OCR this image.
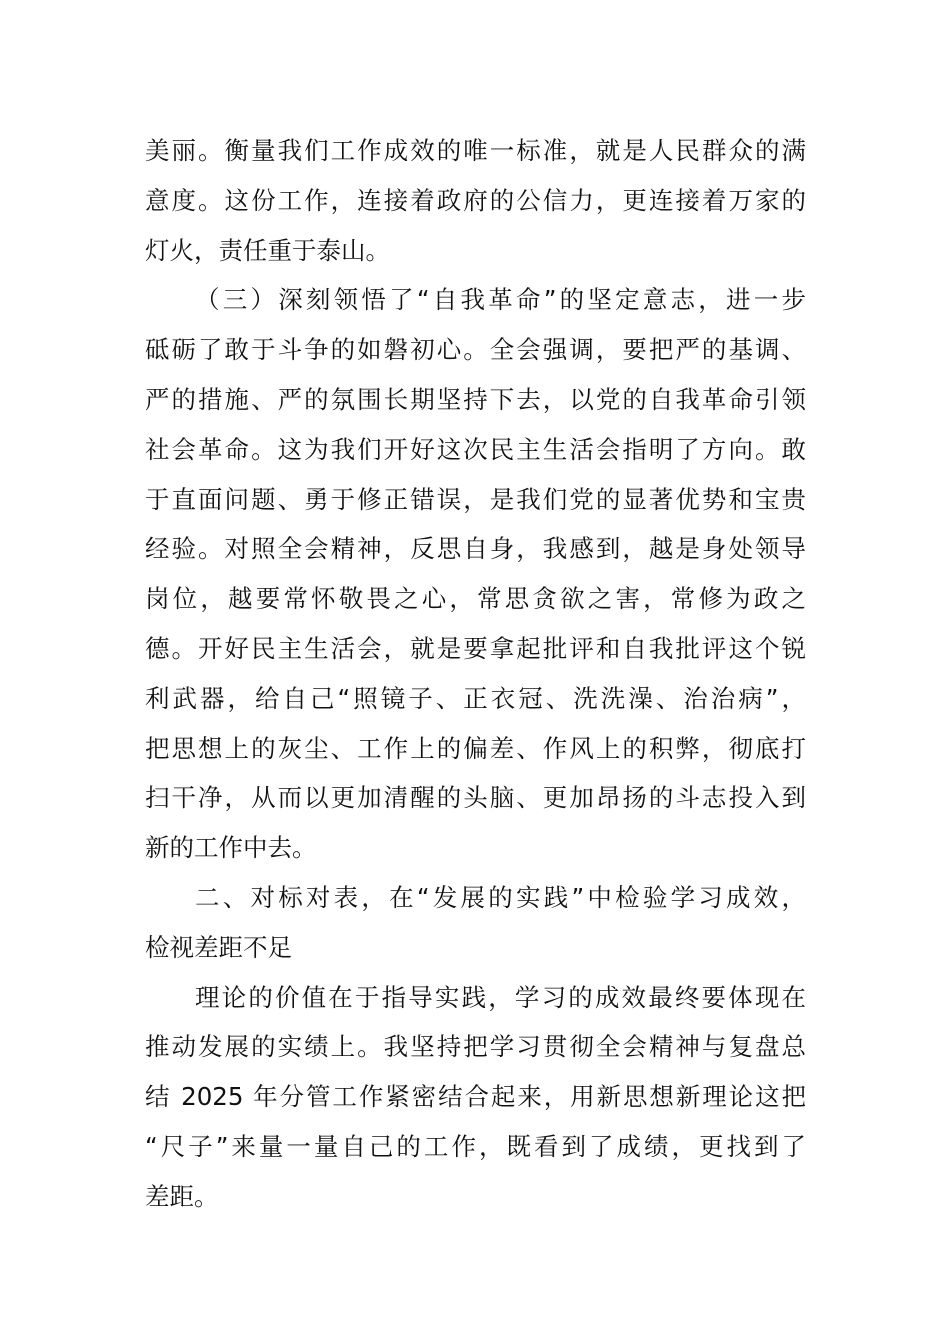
美丽。衡量我们工作成效的唯一标准，就是人民群众的满
意度。这份工作，连接着政府的公信力，更连接着万家的
灯火，责任重于泰山。
（三）深刻领悟了“自我革命”的坚定意志，进一步
砥砺了敢于斗争的如磐初心。全会强调，要把严的基调、
严的措施、严的氛围长期坚持下去，以党的自我革命引领
社会革命。这为我们开好这次民主生活会指明了方向。敢
于直面问题、勇于修正错误，是我们党的显著优势和宝贵
经验。对照全会精神，反思自身，我感到，越是身处领导
岗位，越要常怀敬畏之心，常思贪欲之害，常修为政之
德。开好民主生活会，就是要拿起批评和自我批评这个锐
利武器，给自己“照镜子、正衣冠、洗洗澡、治治病”，
把思想上的灰尘、工作上的偏差、作风上的积弊，彻底打
扫干净，从而以更加清醒的头脑、更加昂扬的斗志投入到
新的工作中去。
二、对标对表，在“发展的实践”中检验学习成效，
检视差距不足
理论的价值在于指导实践，学习的成效最终要体现在
推动发展的实绩上。我坚持把学习贯彻全会精神与复盘总
结 2025 年分管工作紧密结合起来，用新思想新理论这把
“尺子”来量一量自己的工作，既看到了成绩，更找到了
差距。
